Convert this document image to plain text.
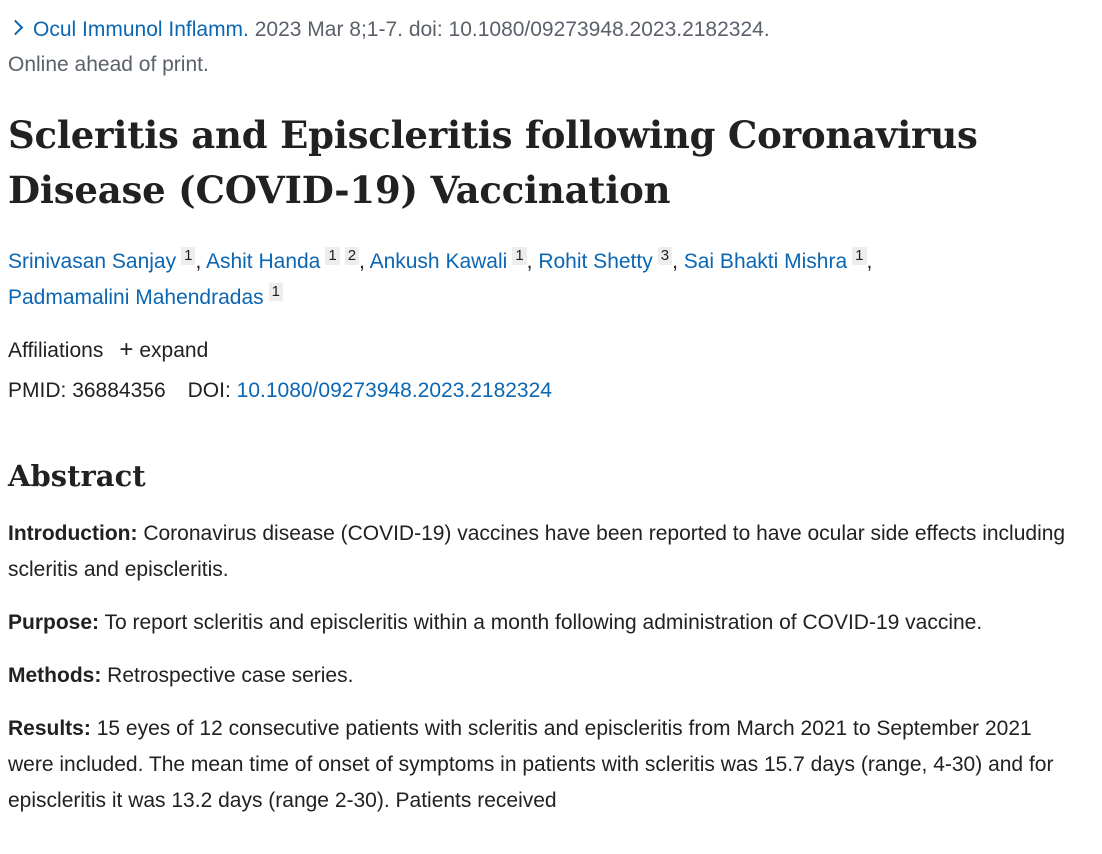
Ocul Immunol Inflamm. 2023 Mar 8;1-7. doi: 10.1080/09273948.2023.2182324.
Online ahead of print.
Scleritis and Episcleritis following Coronavirus Disease (COVID-19) Vaccination
Srinivasan Sanjay 1 , Ashit Handa 1 2 , Ankush Kawali 1 , Rohit Shetty 3 , Sai Bhakti Mishra 1 ,
Padmamalini Mahendradas 1
Affiliations + expand
PMID: 36884356 DOI: 10.1080/09273948.2023.2182324
Abstract

Introduction: Coronavirus disease (COVID-19) vaccines have been reported to have ocular side effects including scleritis and episcleritis.

Purpose: To report scleritis and episcleritis within a month following administration of COVID-19 vaccine.

Methods: Retrospective case series.

Results: 15 eyes of 12 consecutive patients with scleritis and episcleritis from March 2021 to September 2021 were included. The mean time of onset of symptoms in patients with scleritis was 15.7 days (range, 4-30) and for episcleritis it was 13.2 days (range 2-30). Patients received
